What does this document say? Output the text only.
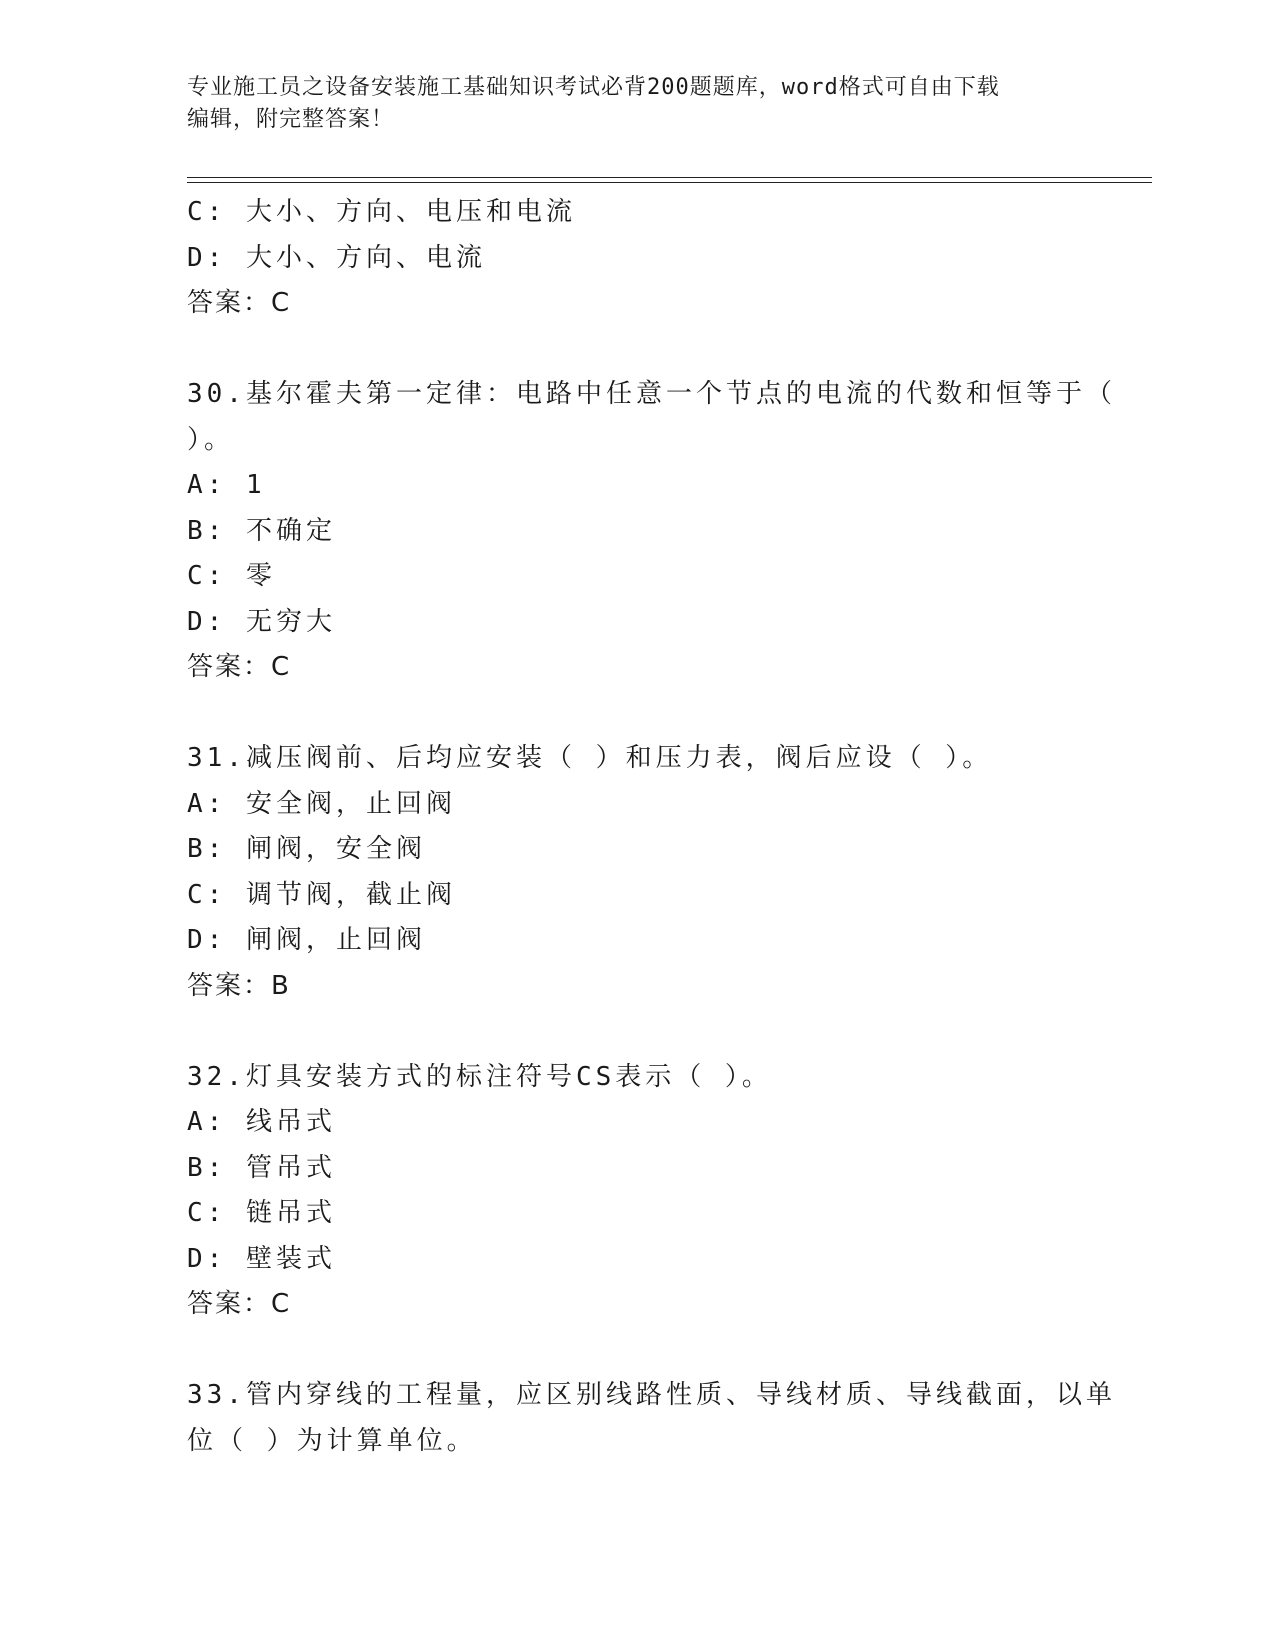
专业施工员之设备安装施工基础知识考试必背200题题库，word格式可自由下载
编辑，附完整答案！
C: 大小、方向、电压和电流
D: 大小、方向、电流
答案：C
30.基尔霍夫第一定律：电路中任意一个节点的电流的代数和恒等于（
）。
A: 1
B: 不确定
C: 零
D: 无穷大
答案：C
31.减压阀前、后均应安装（ ）和压力表，阀后应设（ ）。
A: 安全阀，止回阀
B: 闸阀，安全阀
C: 调节阀，截止阀
D: 闸阀，止回阀
答案：B
32.灯具安装方式的标注符号CS表示（ ）。
A: 线吊式
B: 管吊式
C: 链吊式
D: 壁装式
答案：C
33.管内穿线的工程量，应区别线路性质、导线材质、导线截面，以单
位（ ）为计算单位。
